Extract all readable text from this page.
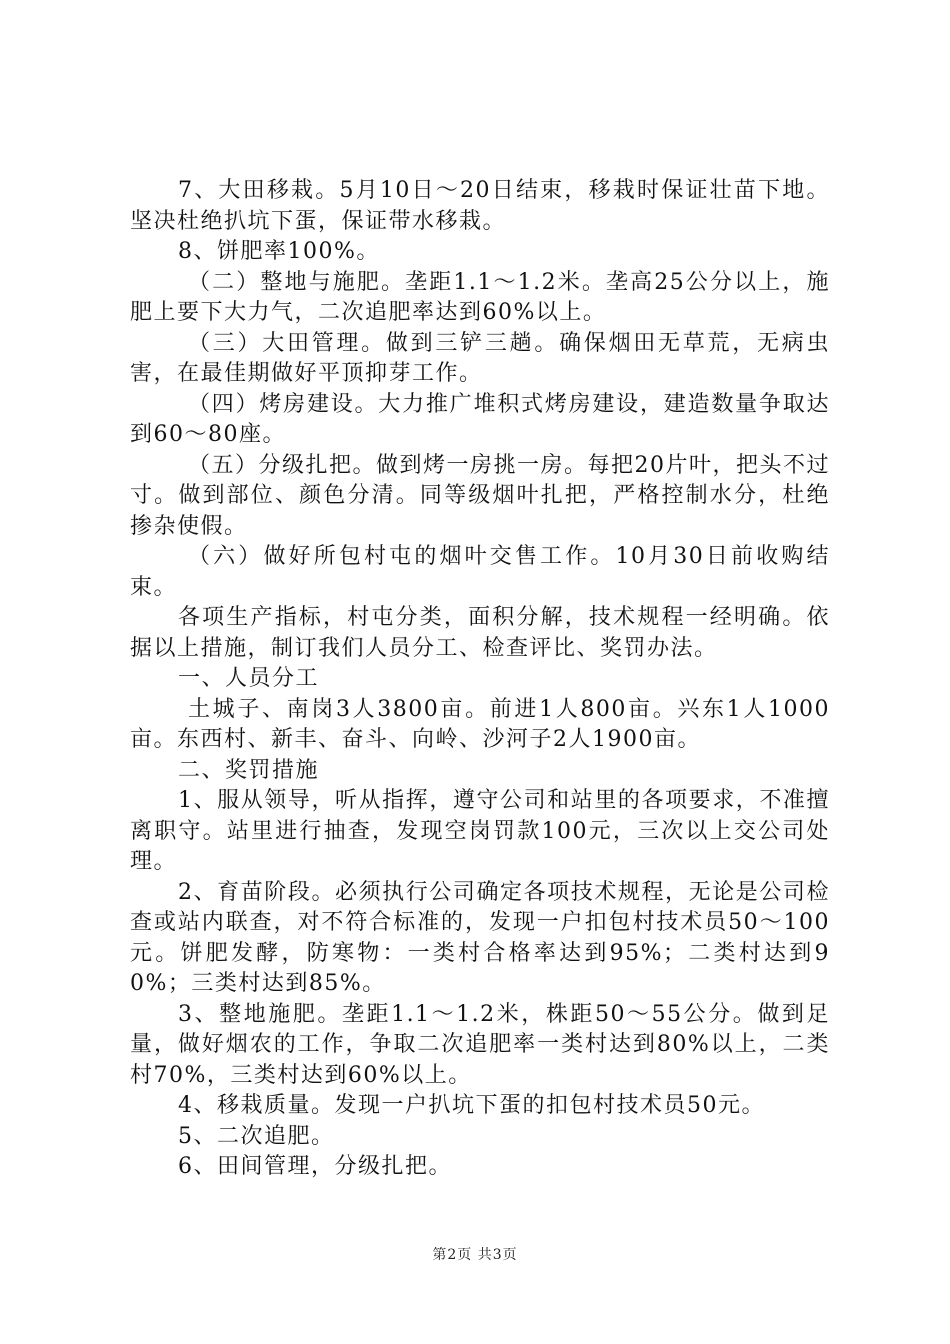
7、大田移栽。5月10日～20日结束，移栽时保证壮苗下地。坚决杜绝扒坑下蛋，保证带水移栽。

8、饼肥率100%。

（二）整地与施肥。垄距1.1～1.2米。垄高25公分以上，施肥上要下大力气，二次追肥率达到60%以上。

（三）大田管理。做到三铲三趟。确保烟田无草荒，无病虫害，在最佳期做好平顶抑芽工作。

（四）烤房建设。大力推广堆积式烤房建设，建造数量争取达到60～80座。

（五）分级扎把。做到烤一房挑一房。每把20片叶，把头不过寸。做到部位、颜色分清。同等级烟叶扎把，严格控制水分，杜绝掺杂使假。

（六）做好所包村屯的烟叶交售工作。10月30日前收购结束。

各项生产指标，村屯分类，面积分解，技术规程一经明确。依据以上措施，制订我们人员分工、检查评比、奖罚办法。

一、人员分工

土城子、南岗3人3800亩。前进1人800亩。兴东1人1000亩。东西村、新丰、奋斗、向岭、沙河子2人1900亩。

二、奖罚措施

1、服从领导，听从指挥，遵守公司和站里的各项要求，不准擅离职守。站里进行抽查，发现空岗罚款100元，三次以上交公司处理。

2、育苗阶段。必须执行公司确定各项技术规程，无论是公司检查或站内联查，对不符合标准的，发现一户扣包村技术员50～100元。饼肥发酵，防寒物：一类村合格率达到95%；二类村达到90%；三类村达到85%。

3、整地施肥。垄距1.1～1.2米，株距50～55公分。做到足量，做好烟农的工作，争取二次追肥率一类村达到80%以上，二类村70%，三类村达到60%以上。

4、移栽质量。发现一户扒坑下蛋的扣包村技术员50元。

5、二次追肥。

6、田间管理，分级扎把。

第2页 共3页
